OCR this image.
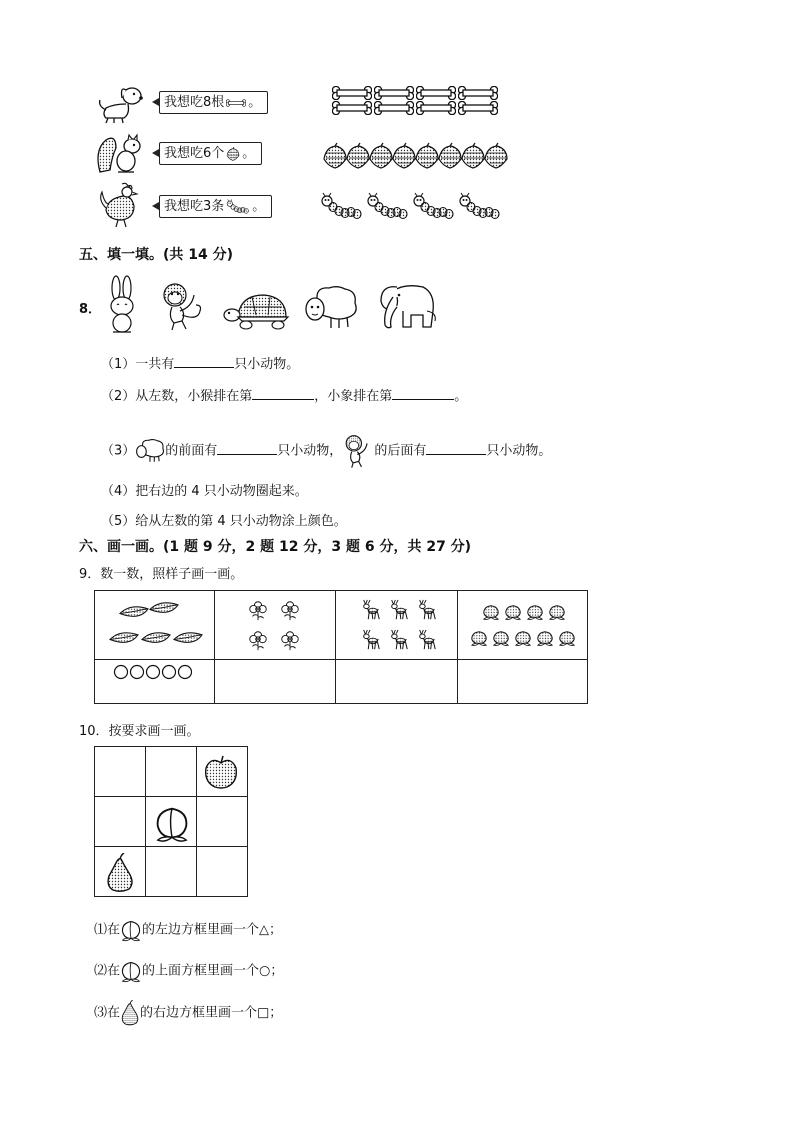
我想吃8根 。
我想吃6个 。
我想吃3条 。
五、填一填。(共 14 分)
8．
（1）一共有	只小动物。
（2）从左数，小猴排在第	，小象排在第	。
（3） 的前面有	只小动物， 的后面有	只小动物。
（4）把右边的 4 只小动物圈起来。
（5）给从左数的第 4 只小动物涂上颜色。
六、画一画。(1 题 9 分，2 题 12 分，3 题 6 分，共 27 分)
9．数一数，照样子画一画。

10．按要求画一画。

⑴在 的左边方框里画一个△；
⑵在 的上面方框里画一个○；
⑶在 的右边方框里画一个□；
